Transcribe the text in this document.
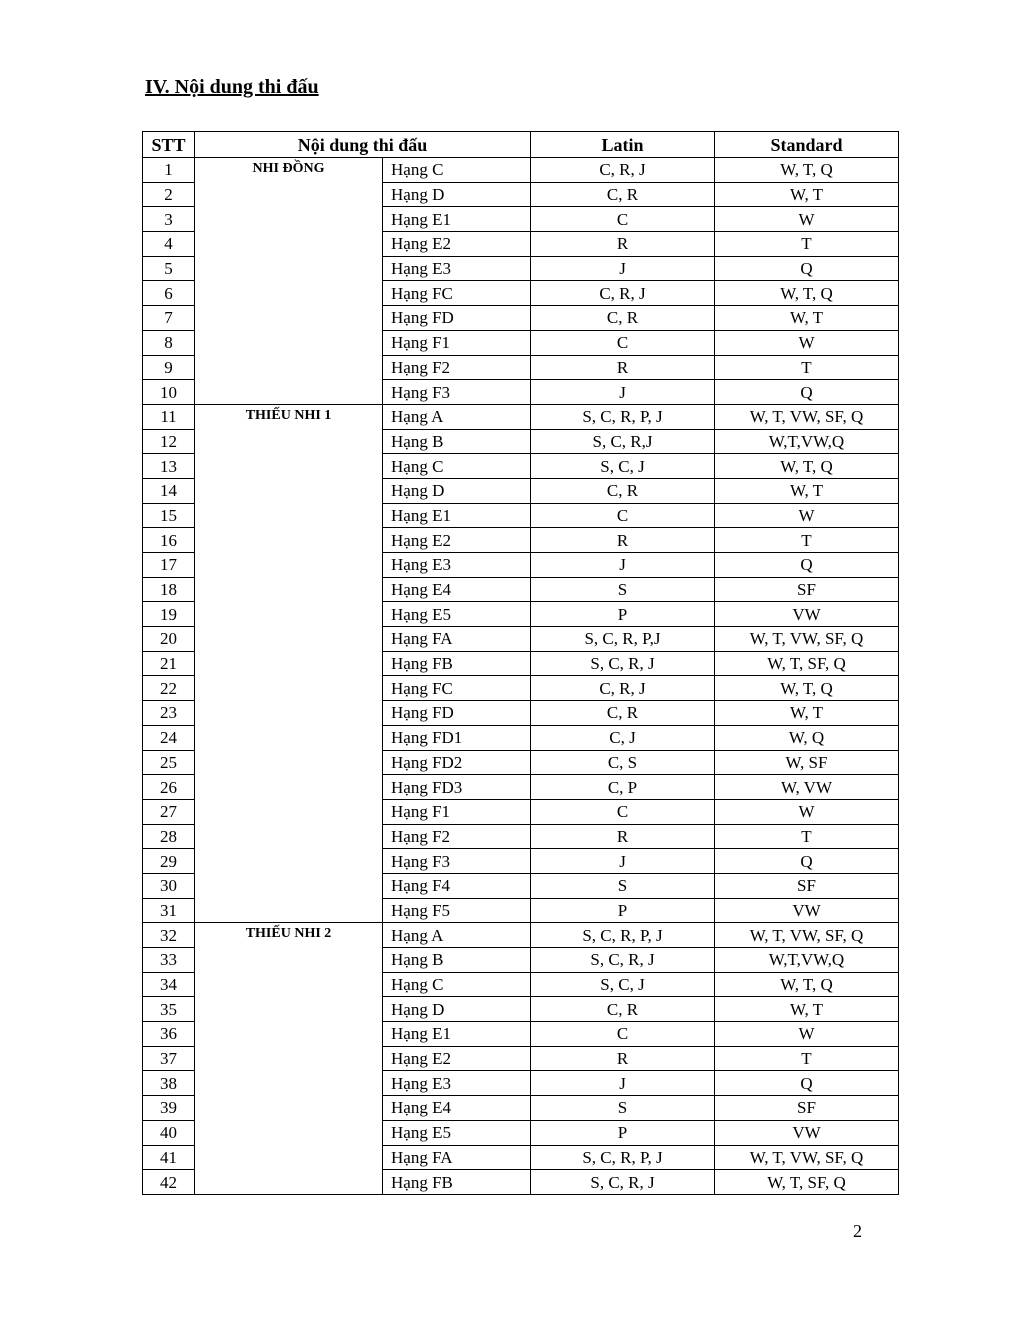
IV. Nội dung thi đấu
STT	Nội dung thi đấu		Latin	Standard
1	NHI ĐỒNG	Hạng C	C, R, J	W, T, Q
2		Hạng D	C, R	W, T
3		Hạng E1	C	W
4		Hạng E2	R	T
5		Hạng E3	J	Q
6		Hạng FC	C, R, J	W, T, Q
7		Hạng FD	C, R	W, T
8		Hạng F1	C	W
9		Hạng F2	R	T
10		Hạng F3	J	Q
11	THIẾU NHI 1	Hạng A	S, C, R, P, J	W, T, VW, SF, Q
12		Hạng B	S, C, R,J	W,T,VW,Q
13		Hạng C	S, C, J	W, T, Q
14		Hạng D	C, R	W, T
15		Hạng E1	C	W
16		Hạng E2	R	T
17		Hạng E3	J	Q
18		Hạng E4	S	SF
19		Hạng E5	P	VW
20		Hạng FA	S, C, R, P,J	W, T, VW, SF, Q
21		Hạng FB	S, C, R, J	W, T, SF, Q
22		Hạng FC	C, R, J	W, T, Q
23		Hạng FD	C, R	W, T
24		Hạng FD1	C, J	W, Q
25		Hạng FD2	C, S	W, SF
26		Hạng FD3	C, P	W, VW
27		Hạng F1	C	W
28		Hạng F2	R	T
29		Hạng F3	J	Q
30		Hạng F4	S	SF
31		Hạng F5	P	VW
32	THIẾU NHI 2	Hạng A	S, C, R, P, J	W, T, VW, SF, Q
33		Hạng B	S, C, R, J	W,T,VW,Q
34		Hạng C	S, C, J	W, T, Q
35		Hạng D	C, R	W, T
36		Hạng E1	C	W
37		Hạng E2	R	T
38		Hạng E3	J	Q
39		Hạng E4	S	SF
40		Hạng E5	P	VW
41		Hạng FA	S, C, R, P, J	W, T, VW, SF, Q
42		Hạng FB	S, C, R, J	W, T, SF, Q
2
